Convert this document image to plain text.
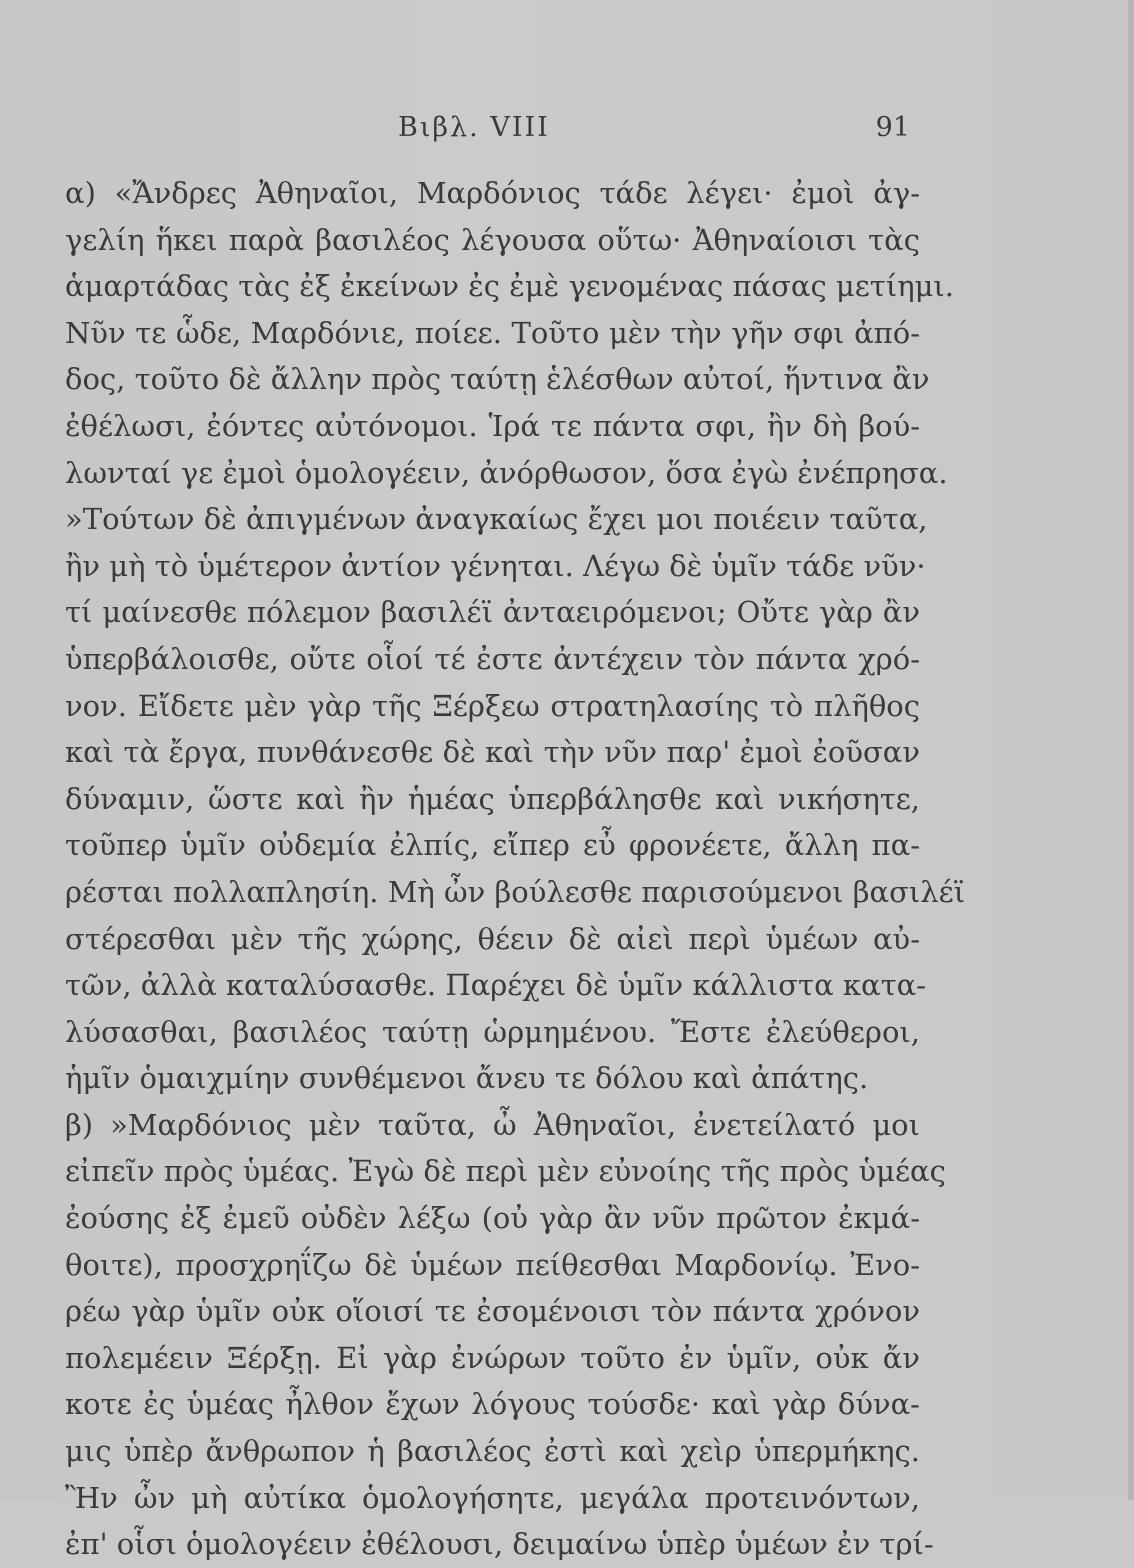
Βιβλ. VIII	91
α) «Ἄνδρες Ἀθηναῖοι, Μαρδόνιος τάδε λέγει· ἐμοὶ ἀγ-
γελίη ἥκει παρὰ βασιλέος λέγουσα οὕτω· Ἀθηναίοισι τὰς
ἁμαρτάδας τὰς ἐξ ἐκείνων ἐς ἐμὲ γενομένας πάσας μετίημι.
Νῦν τε ὧδε, Μαρδόνιε, ποίεε. Τοῦτο μὲν τὴν γῆν σφι ἀπό-
δος, τοῦτο δὲ ἄλλην πρὸς ταύτῃ ἑλέσθων αὐτοί, ἥντινα ἂν
ἐθέλωσι, ἐόντες αὐτόνομοι. Ἱρά τε πάντα σφι, ἢν δὴ βού-
λωνταί γε ἐμοὶ ὁμολογέειν, ἀνόρθωσον, ὅσα ἐγὼ ἐνέπρησα.
»Τούτων δὲ ἀπιγμένων ἀναγκαίως ἔχει μοι ποιέειν ταῦτα,
ἢν μὴ τὸ ὑμέτερον ἀντίον γένηται. Λέγω δὲ ὑμῖν τάδε νῦν·
τί μαίνεσθε πόλεμον βασιλέϊ ἀνταειρόμενοι; Οὔτε γὰρ ἂν
ὑπερβάλοισθε, οὔτε οἷοί τέ ἐστε ἀντέχειν τὸν πάντα χρό-
νον. Εἴδετε μὲν γὰρ τῆς Ξέρξεω στρατηλασίης τὸ πλῆθος
καὶ τὰ ἔργα, πυνθάνεσθε δὲ καὶ τὴν νῦν παρ' ἐμοὶ ἐοῦσαν
δύναμιν, ὥστε καὶ ἢν ἡμέας ὑπερβάλησθε καὶ νικήσητε,
τοῦπερ ὑμῖν οὐδεμία ἐλπίς, εἴπερ εὖ φρονέετε, ἄλλη πα-
ρέσται πολλαπλησίη. Μὴ ὦν βούλεσθε παρισούμενοι βασιλέϊ
στέρεσθαι μὲν τῆς χώρης, θέειν δὲ αἰεὶ περὶ ὑμέων αὐ-
τῶν, ἀλλὰ καταλύσασθε. Παρέχει δὲ ὑμῖν κάλλιστα κατα-
λύσασθαι, βασιλέος ταύτῃ ὡρμημένου. Ἔστε ἐλεύθεροι,
ἡμῖν ὁμαιχμίην συνθέμενοι ἄνευ τε δόλου καὶ ἀπάτης.
β) »Μαρδόνιος μὲν ταῦτα, ὦ Ἀθηναῖοι, ἐνετείλατό μοι
εἰπεῖν πρὸς ὑμέας. Ἐγὼ δὲ περὶ μὲν εὐνοίης τῆς πρὸς ὑμέας
ἐούσης ἐξ ἐμεῦ οὐδὲν λέξω (οὐ γὰρ ἂν νῦν πρῶτον ἐκμά-
θοιτε), προσχρηΐζω δὲ ὑμέων πείθεσθαι Μαρδονίῳ. Ἐνο-
ρέω γὰρ ὑμῖν οὐκ οἵοισί τε ἐσομένοισι τὸν πάντα χρόνον
πολεμέειν Ξέρξῃ. Εἰ γὰρ ἐνώρων τοῦτο ἐν ὑμῖν, οὐκ ἄν
κοτε ἐς ὑμέας ἦλθον ἔχων λόγους τούσδε· καὶ γὰρ δύνα-
μις ὑπὲρ ἄνθρωπον ἡ βασιλέος ἐστὶ καὶ χεὶρ ὑπερμήκης.
Ἢν ὦν μὴ αὐτίκα ὁμολογήσητε, μεγάλα προτεινόντων,
ἐπ' οἷσι ὁμολογέειν ἐθέλουσι, δειμαίνω ὑπὲρ ὑμέων ἐν τρί-
